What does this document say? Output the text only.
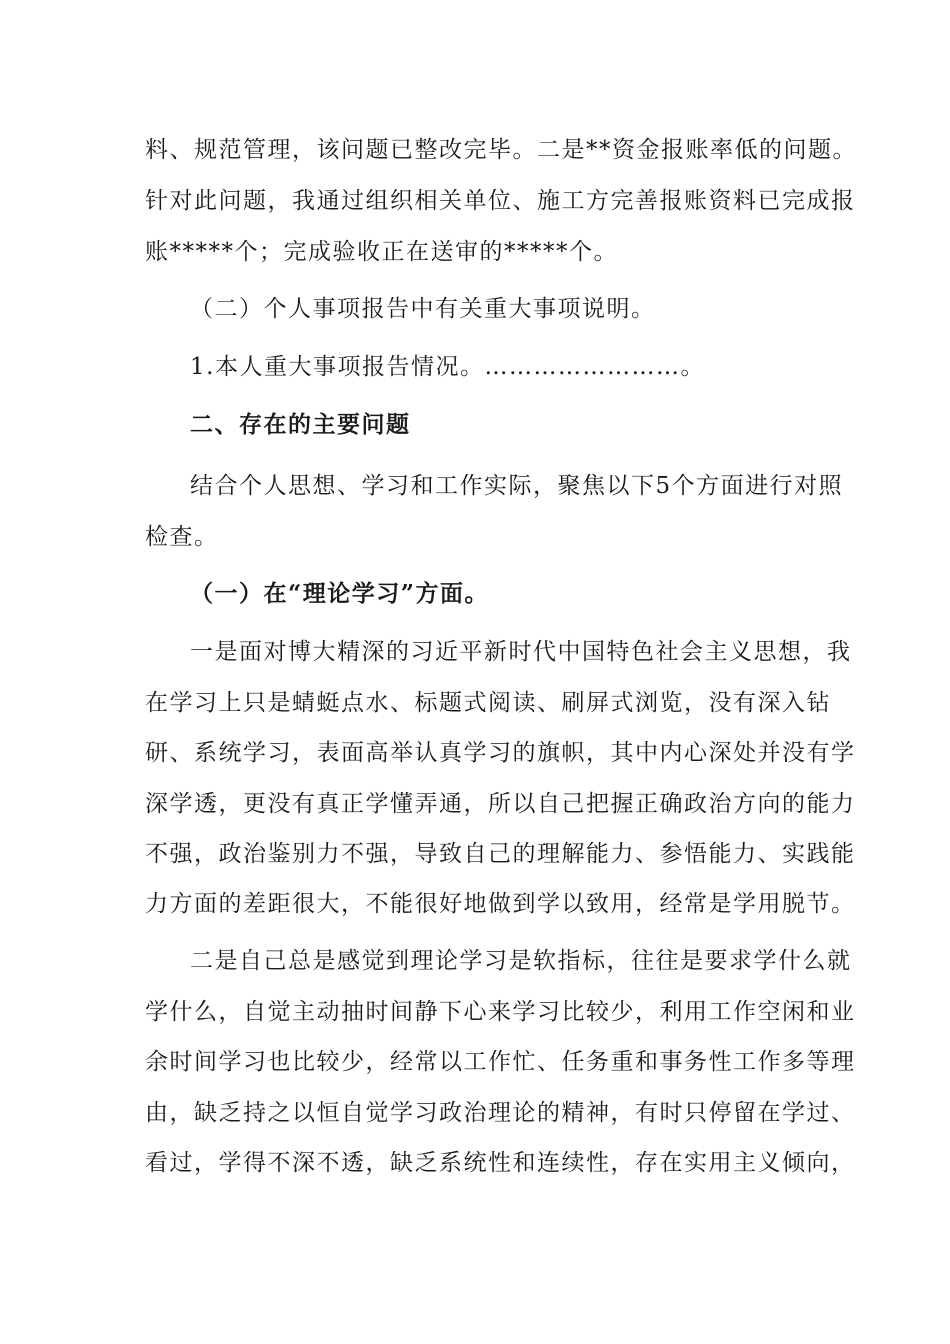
料、规范管理，该问题已整改完毕。二是**资金报账率低的问题。

针对此问题，我通过组织相关单位、施工方完善报账资料已完成报

账*****个；完成验收正在送审的*****个。

（二）个人事项报告中有关重大事项说明。

1.本人重大事项报告情况。……………………。

二、存在的主要问题

结合个人思想、学习和工作实际，聚焦以下5个方面进行对照

检查。

（一）在“理论学习”方面。

一是面对博大精深的习近平新时代中国特色社会主义思想，我

在学习上只是蜻蜓点水、标题式阅读、刷屏式浏览，没有深入钻

研、系统学习，表面高举认真学习的旗帜，其中内心深处并没有学

深学透，更没有真正学懂弄通，所以自己把握正确政治方向的能力

不强，政治鉴别力不强，导致自己的理解能力、参悟能力、实践能

力方面的差距很大，不能很好地做到学以致用，经常是学用脱节。

二是自己总是感觉到理论学习是软指标，往往是要求学什么就

学什么，自觉主动抽时间静下心来学习比较少，利用工作空闲和业

余时间学习也比较少，经常以工作忙、任务重和事务性工作多等理

由，缺乏持之以恒自觉学习政治理论的精神，有时只停留在学过、

看过，学得不深不透，缺乏系统性和连续性，存在实用主义倾向，
